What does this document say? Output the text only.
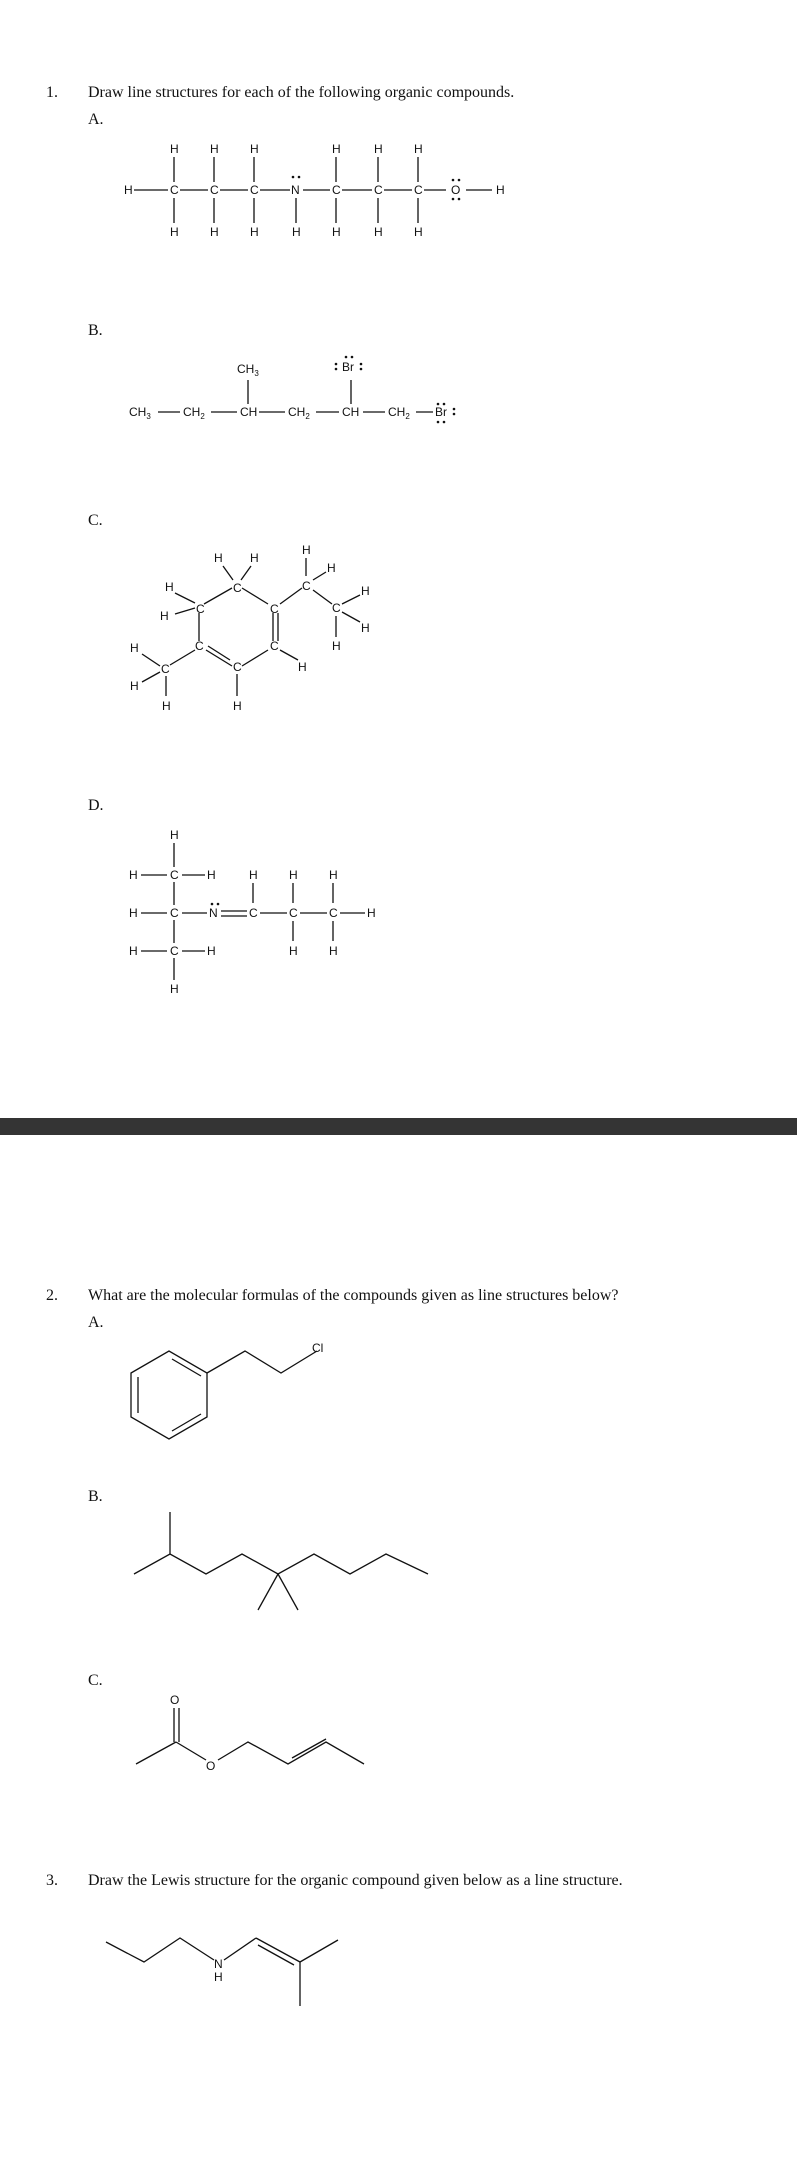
1. Draw line structures for each of the following organic compounds.
A.
B.
C.
D.
H	C	C	C	N	C	C	C O	H
H	H	H	H	H	H
H	H	H	H	H	H	H
$CH_3$	$CH_2$	CH
$CH_3$
$CH_2$	CH
Br
$CH_2$ Br
C
C
C
C
C
C
H H
H
H
C
H
H
H	H
H
C
H
H
C
H
H
H
H
C
C
C
H
H
H
H
H
H
N	C
H
C
H
H
C
H
H
H
2. What are the molecular formulas of the compounds given as line structures below?
A.
B.
C.
Cl
O
O
3. Draw the Lewis structure for the organic compound given below as a line structure.
N
H
